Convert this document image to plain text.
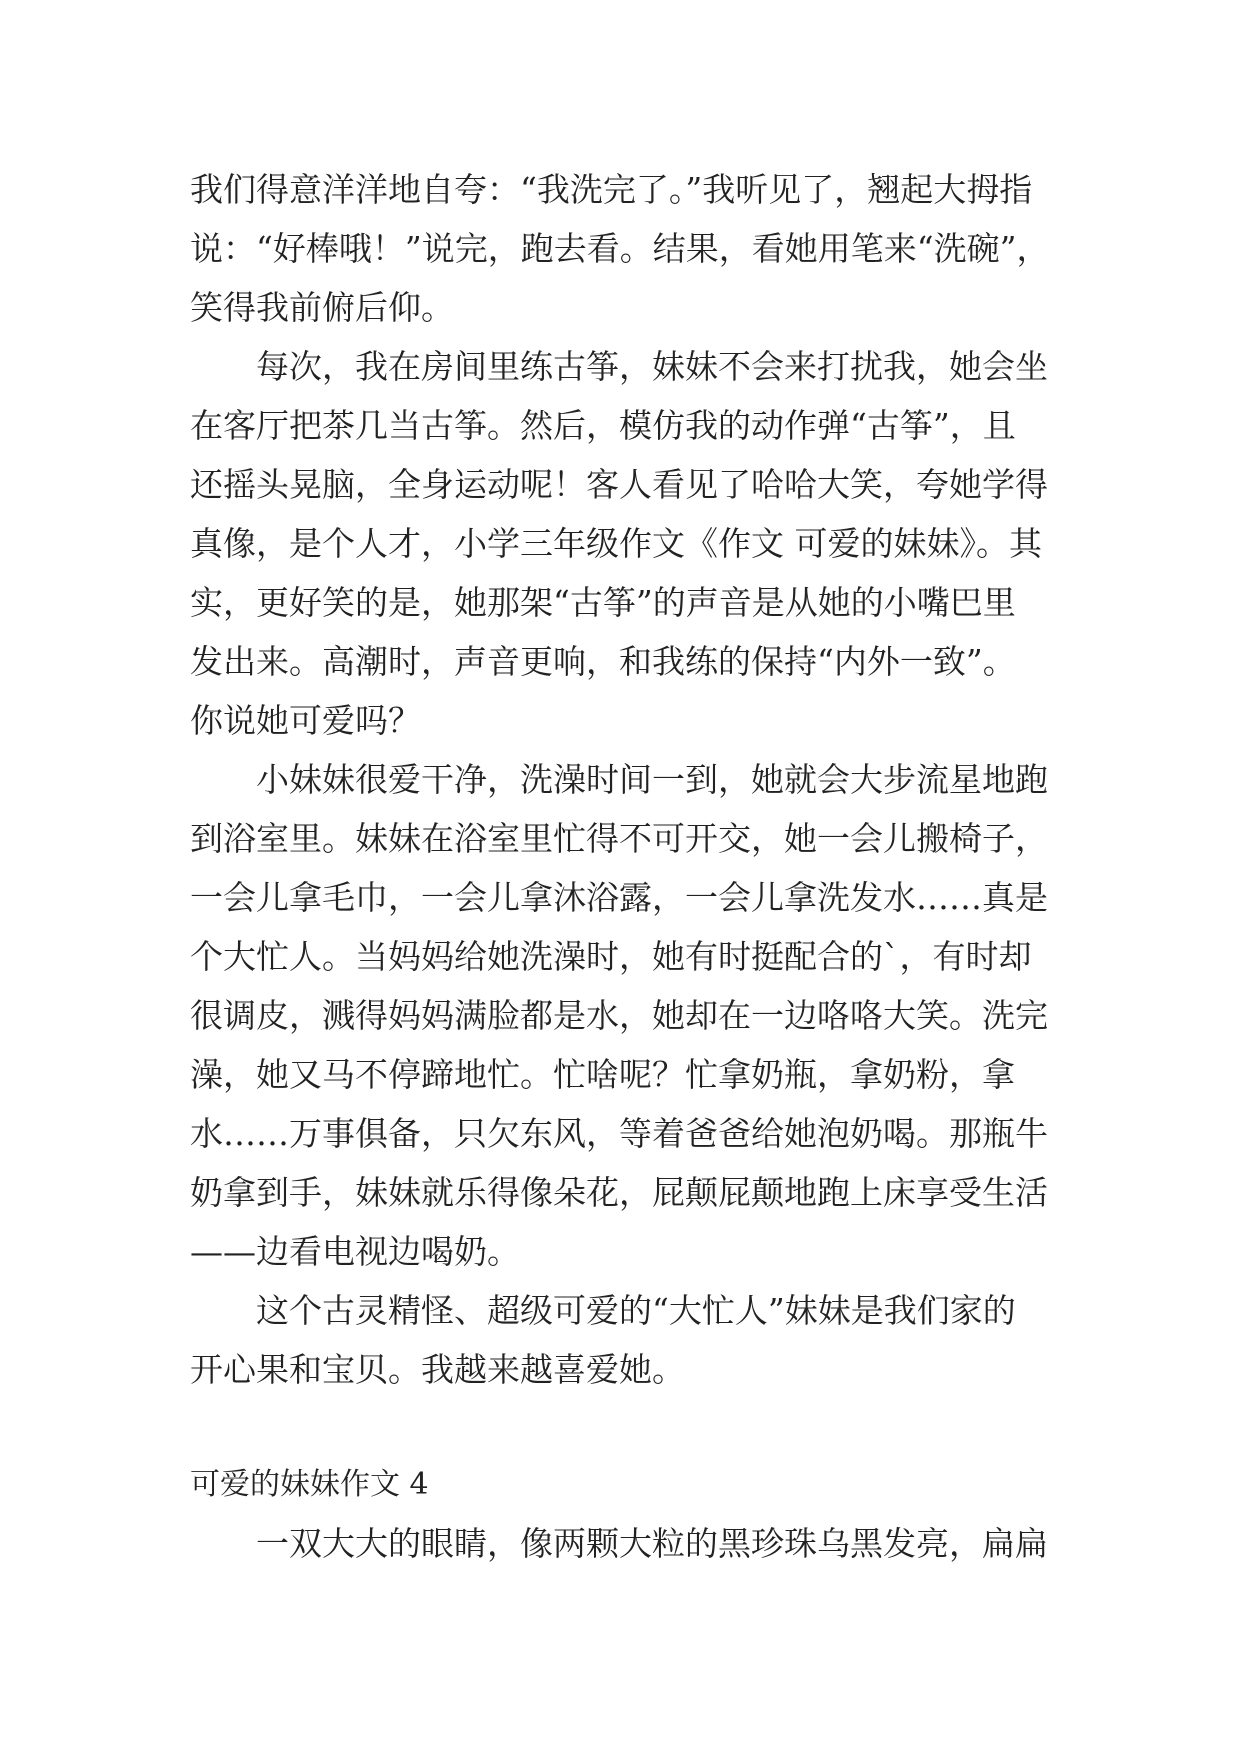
我们得意洋洋地自夸：“我洗完了。”我听见了，翘起大拇指
说：“好棒哦！”说完，跑去看。结果，看她用笔来“洗碗”，
笑得我前俯后仰。
每次，我在房间里练古筝，妹妹不会来打扰我，她会坐
在客厅把茶几当古筝。然后，模仿我的动作弹“古筝”，且
还摇头晃脑，全身运动呢！客人看见了哈哈大笑，夸她学得
真像，是个人才，小学三年级作文《作文 可爱的妹妹》。其
实，更好笑的是，她那架“古筝”的声音是从她的小嘴巴里
发出来。高潮时，声音更响，和我练的保持“内外一致”。
你说她可爱吗？
小妹妹很爱干净，洗澡时间一到，她就会大步流星地跑
到浴室里。妹妹在浴室里忙得不可开交，她一会儿搬椅子，
一会儿拿毛巾，一会儿拿沐浴露，一会儿拿洗发水……真是
个大忙人。当妈妈给她洗澡时，她有时挺配合的`，有时却
很调皮，溅得妈妈满脸都是水，她却在一边咯咯大笑。洗完
澡，她又马不停蹄地忙。忙啥呢？忙拿奶瓶，拿奶粉，拿
水……万事俱备，只欠东风，等着爸爸给她泡奶喝。那瓶牛
奶拿到手，妹妹就乐得像朵花，屁颠屁颠地跑上床享受生活
——边看电视边喝奶。
这个古灵精怪、超级可爱的“大忙人”妹妹是我们家的
开心果和宝贝。我越来越喜爱她。
可爱的妹妹作文 4
一双大大的眼睛，像两颗大粒的黑珍珠乌黑发亮，扁扁
